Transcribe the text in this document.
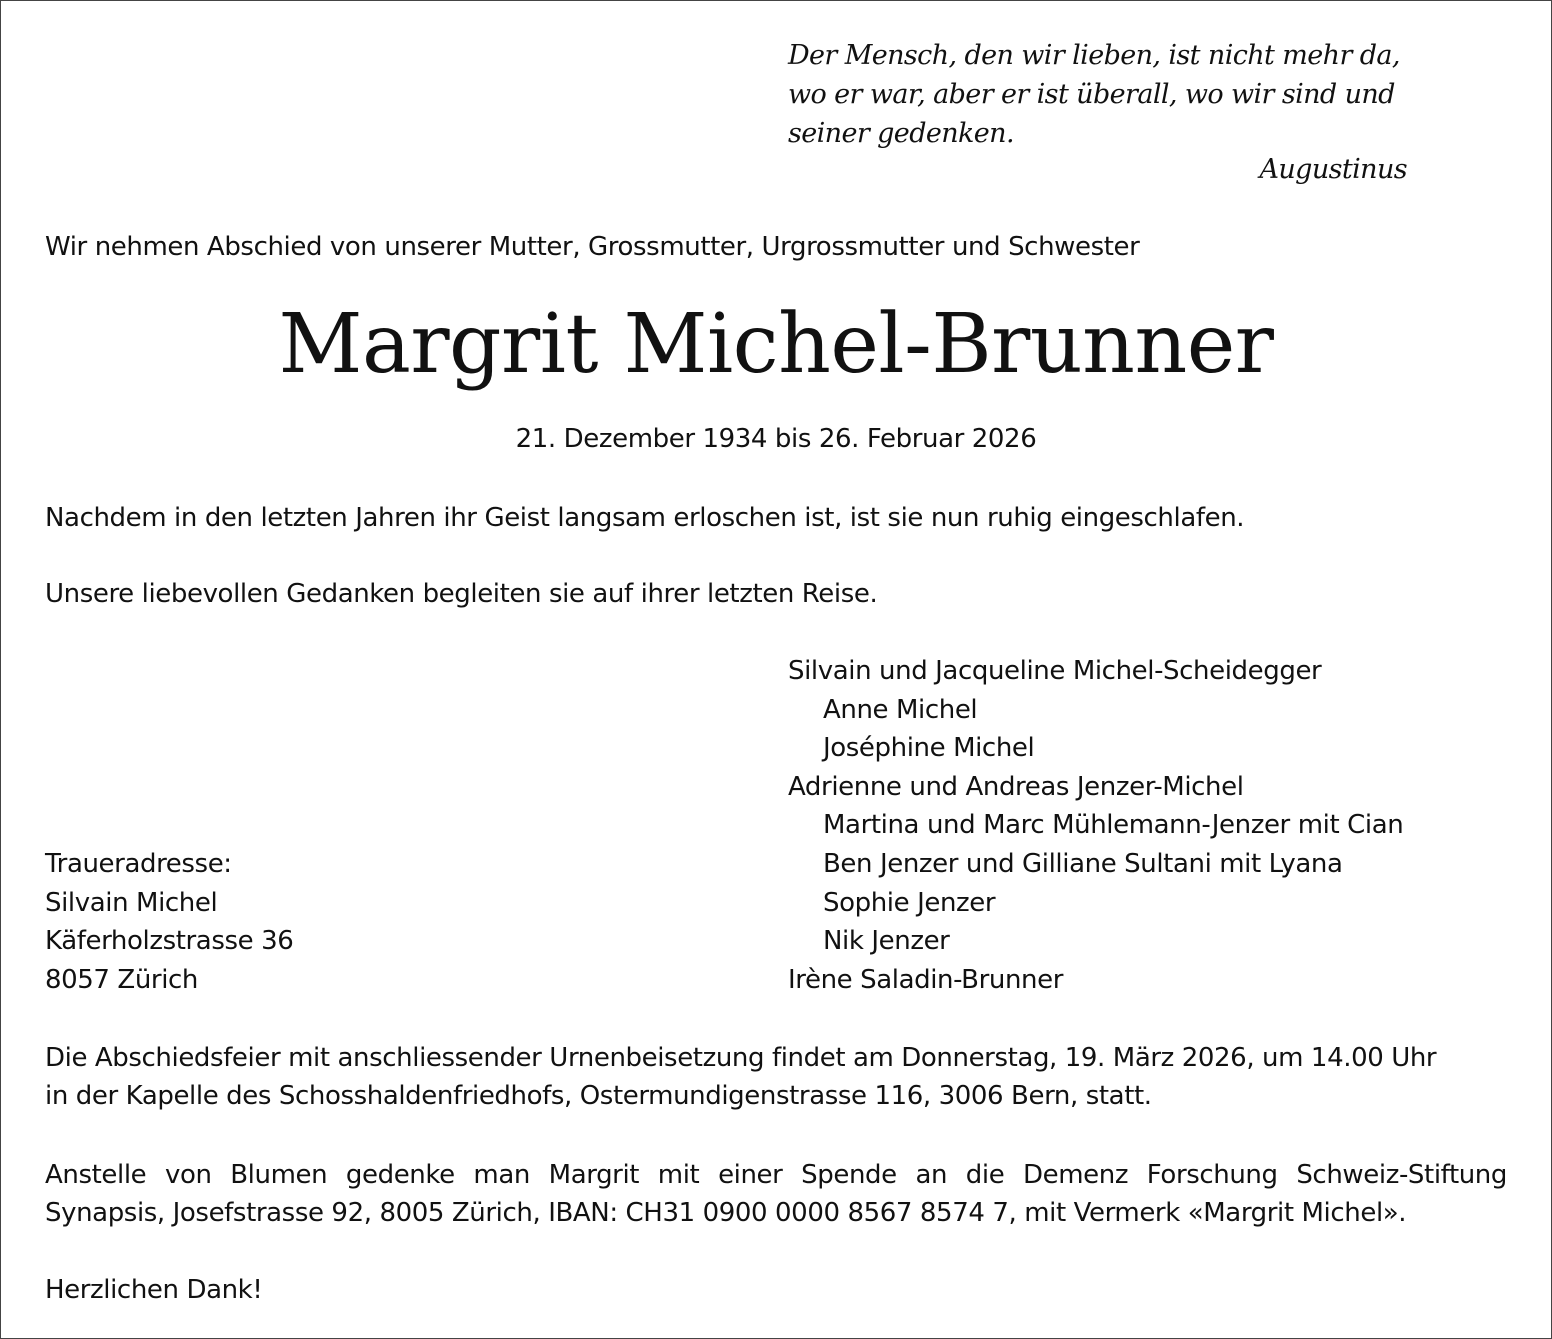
Der Mensch, den wir lieben, ist nicht mehr da,
wo er war, aber er ist überall, wo wir sind und
seiner gedenken.
Augustinus
Wir nehmen Abschied von unserer Mutter, Grossmutter, Urgrossmutter und Schwester
Margrit Michel-Brunner
21. Dezember 1934 bis 26. Februar 2026
Nachdem in den letzten Jahren ihr Geist langsam erloschen ist, ist sie nun ruhig eingeschlafen.
Unsere liebevollen Gedanken begleiten sie auf ihrer letzten Reise.
Silvain und Jacqueline Michel-Scheidegger
Anne Michel
Joséphine Michel
Adrienne und Andreas Jenzer-Michel
Martina und Marc Mühlemann-Jenzer mit Cian
Ben Jenzer und Gilliane Sultani mit Lyana
Sophie Jenzer
Nik Jenzer
Irène Saladin-Brunner
Traueradresse:
Silvain Michel
Käferholzstrasse 36
8057 Zürich
Die Abschiedsfeier mit anschliessender Urnenbeisetzung findet am Donnerstag, 19. März 2026, um 14.00 Uhr
in der Kapelle des Schosshaldenfriedhofs, Ostermundigenstrasse 116, 3006 Bern, statt.
Anstelle von Blumen gedenke man Margrit mit einer Spende an die Demenz Forschung Schweiz-Stiftung
Synapsis, Josefstrasse 92, 8005 Zürich, IBAN: CH31 0900 0000 8567 8574 7, mit Vermerk «Margrit Michel».
Herzlichen Dank!
